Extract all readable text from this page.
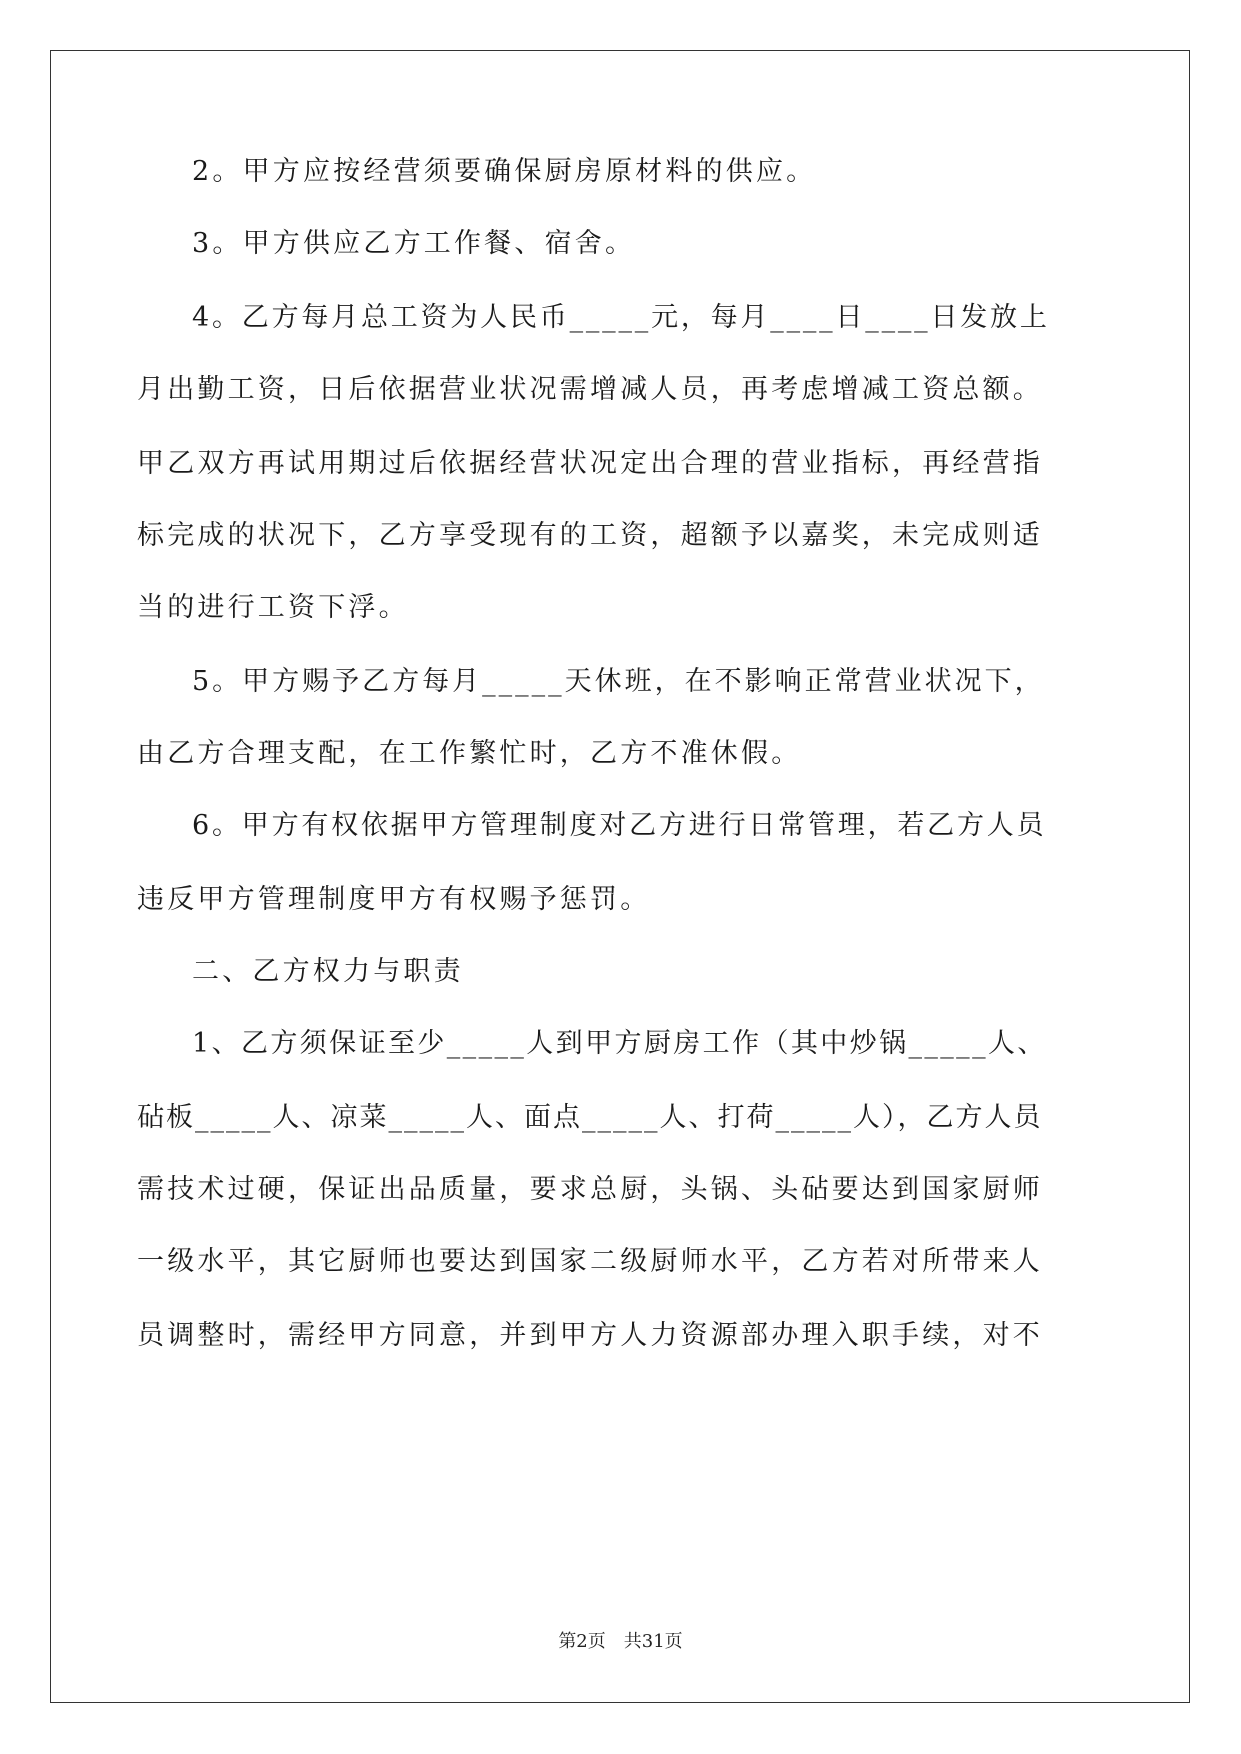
2。甲方应按经营须要确保厨房原材料的供应。
3。甲方供应乙方工作餐、宿舍。
4。乙方每月总工资为人民币_____元，每月____日____日发放上
月出勤工资，日后依据营业状况需增减人员，再考虑增减工资总额。
甲乙双方再试用期过后依据经营状况定出合理的营业指标，再经营指
标完成的状况下，乙方享受现有的工资，超额予以嘉奖，未完成则适
当的进行工资下浮。
5。甲方赐予乙方每月_____天休班，在不影响正常营业状况下，
由乙方合理支配，在工作繁忙时，乙方不准休假。
6。甲方有权依据甲方管理制度对乙方进行日常管理，若乙方人员
违反甲方管理制度甲方有权赐予惩罚。
二、乙方权力与职责
1、乙方须保证至少_____人到甲方厨房工作（其中炒锅_____人、
砧板_____人、凉菜_____人、面点_____人、打荷_____人），乙方人员
需技术过硬，保证出品质量，要求总厨，头锅、头砧要达到国家厨师
一级水平，其它厨师也要达到国家二级厨师水平，乙方若对所带来人
员调整时，需经甲方同意，并到甲方人力资源部办理入职手续，对不
第2页 共31页
